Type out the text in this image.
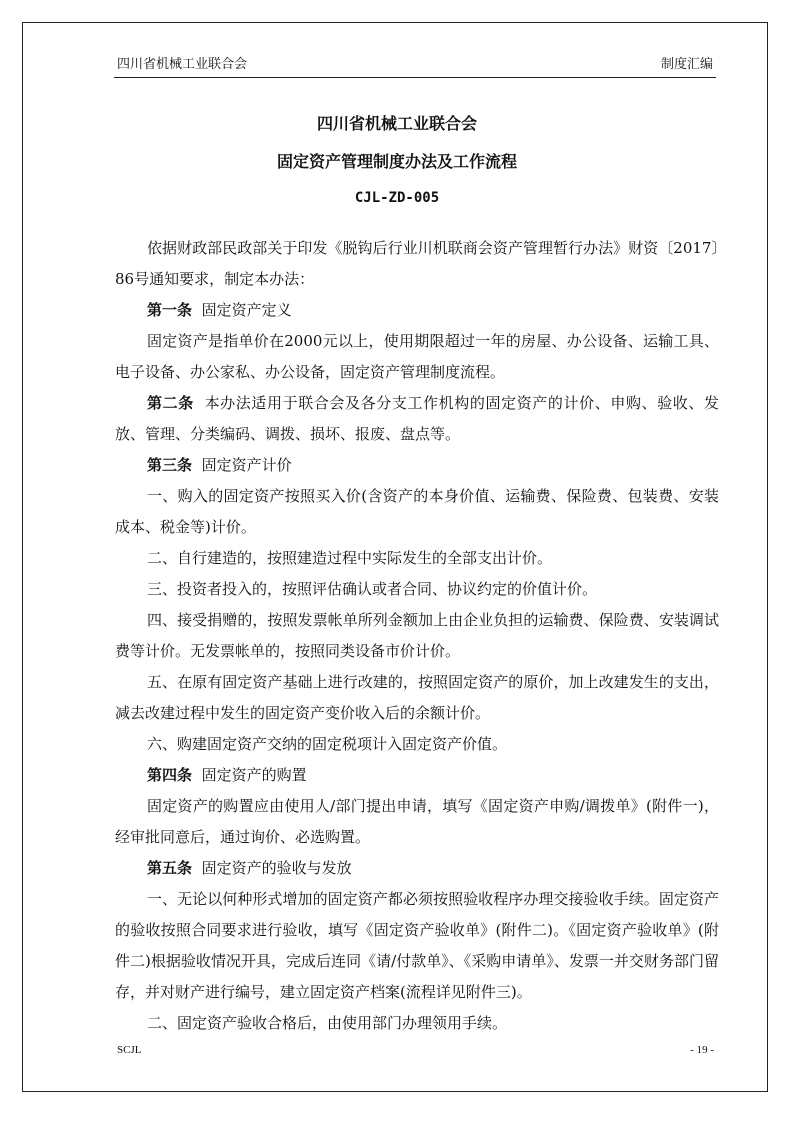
四川省机械工业联合会	制度汇编
四川省机械工业联合会
固定资产管理制度办法及工作流程
CJL-ZD-005

依据财政部民政部关于印发《脱钩后行业川机联商会资产管理暂行办法》财资〔2017〕86号通知要求，制定本办法：

第一条 固定资产定义

固定资产是指单价在2000元以上，使用期限超过一年的房屋、办公设备、运输工具、电子设备、办公家私、办公设备，固定资产管理制度流程。

第二条 本办法适用于联合会及各分支工作机构的固定资产的计价、申购、验收、发放、管理、分类编码、调拨、损坏、报废、盘点等。

第三条 固定资产计价

一、购入的固定资产按照买入价(含资产的本身价值、运输费、保险费、包装费、安装成本、税金等)计价。

二、自行建造的，按照建造过程中实际发生的全部支出计价。

三、投资者投入的，按照评估确认或者合同、协议约定的价值计价。

四、接受捐赠的，按照发票帐单所列金额加上由企业负担的运输费、保险费、安装调试费等计价。无发票帐单的，按照同类设备市价计价。

五、在原有固定资产基础上进行改建的，按照固定资产的原价，加上改建发生的支出，减去改建过程中发生的固定资产变价收入后的余额计价。

六、购建固定资产交纳的固定税项计入固定资产价值。

第四条 固定资产的购置

固定资产的购置应由使用人/部门提出申请，填写《固定资产申购/调拨单》(附件一)，经审批同意后，通过询价、必选购置。

第五条 固定资产的验收与发放

一、无论以何种形式增加的固定资产都必须按照验收程序办理交接验收手续。固定资产的验收按照合同要求进行验收，填写《固定资产验收单》(附件二)。《固定资产验收单》(附件二)根据验收情况开具，完成后连同《请/付款单》、《采购申请单》、发票一并交财务部门留存，并对财产进行编号，建立固定资产档案(流程详见附件三)。

二、固定资产验收合格后，由使用部门办理领用手续。

SCJL	- 19 -
